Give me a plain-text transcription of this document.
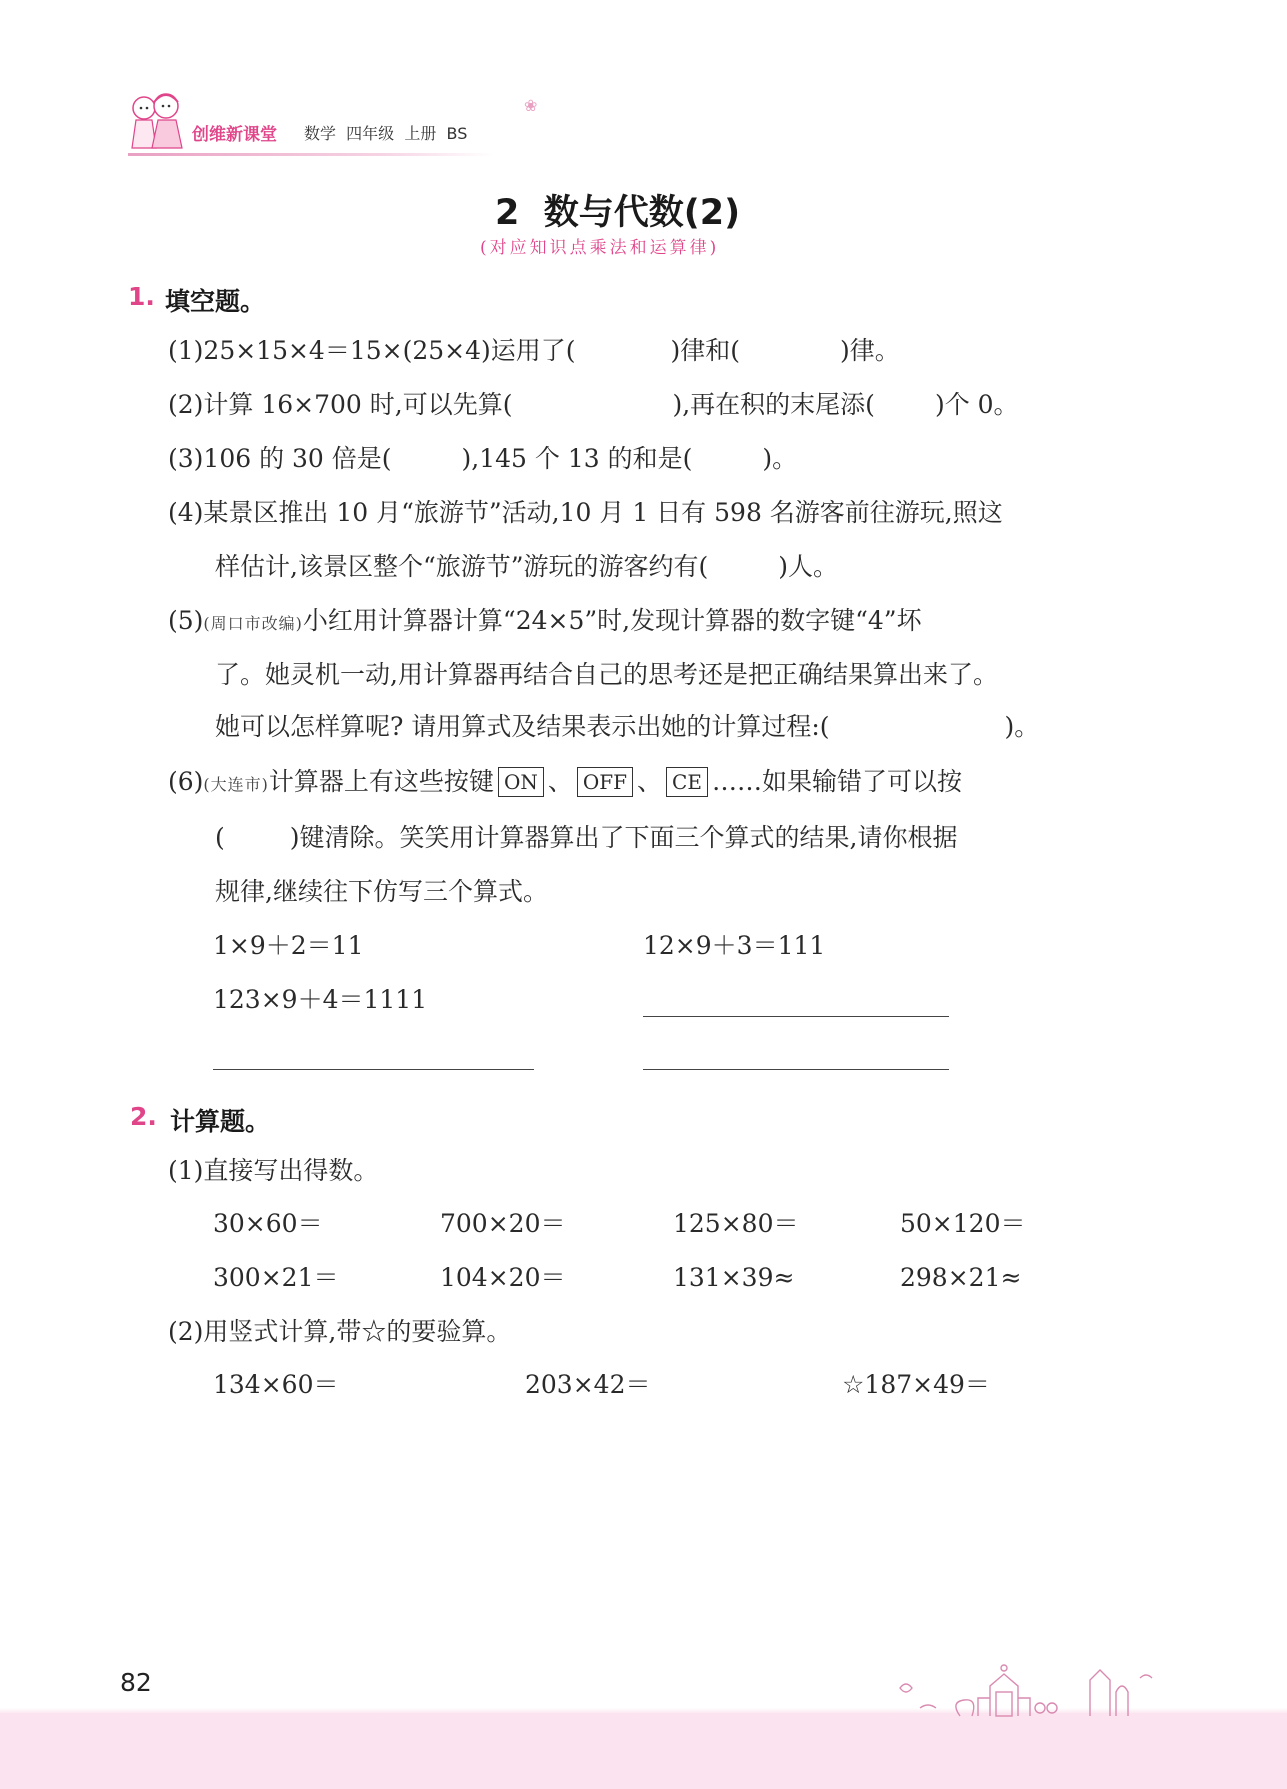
创维新课堂 数学  四年级  上册  BS
❀
2  数与代数(2)
(对应知识点乘法和运算律)
1. 填空题。
(1)25×15×4＝15×(25×4)运用了(	)律和(	)律。
(2)计算 16×700 时,可以先算(	),再在积的末尾添( )个 0。
(3)106 的 30 倍是(	),145 个 13 的和是(	)。
(4)某景区推出 10 月“旅游节”活动,10 月 1 日有 598 名游客前往游玩,照这
样估计,该景区整个“旅游节”游玩的游客约有(	)人。
(5)(周口市改编)小红用计算器计算“24×5”时,发现计算器的数字键“4”坏
了。她灵机一动,用计算器再结合自己的思考还是把正确结果算出来了。
她可以怎样算呢? 请用算式及结果表示出她的计算过程:(	)。
(6)(大连市)计算器上有这些按键 ON 、 OFF 、 CE ……如果输错了可以按
(	)键清除。笑笑用计算器算出了下面三个算式的结果,请你根据
规律,继续往下仿写三个算式。
1×9＋2＝11	12×9＋3＝111
123×9＋4＝1111
2. 计算题。
(1)直接写出得数。
30×60＝	700×20＝	125×80＝	50×120＝
300×21＝	104×20＝	131×39≈	298×21≈
(2)用竖式计算,带☆的要验算。
134×60＝	203×42＝	☆187×49＝
82
